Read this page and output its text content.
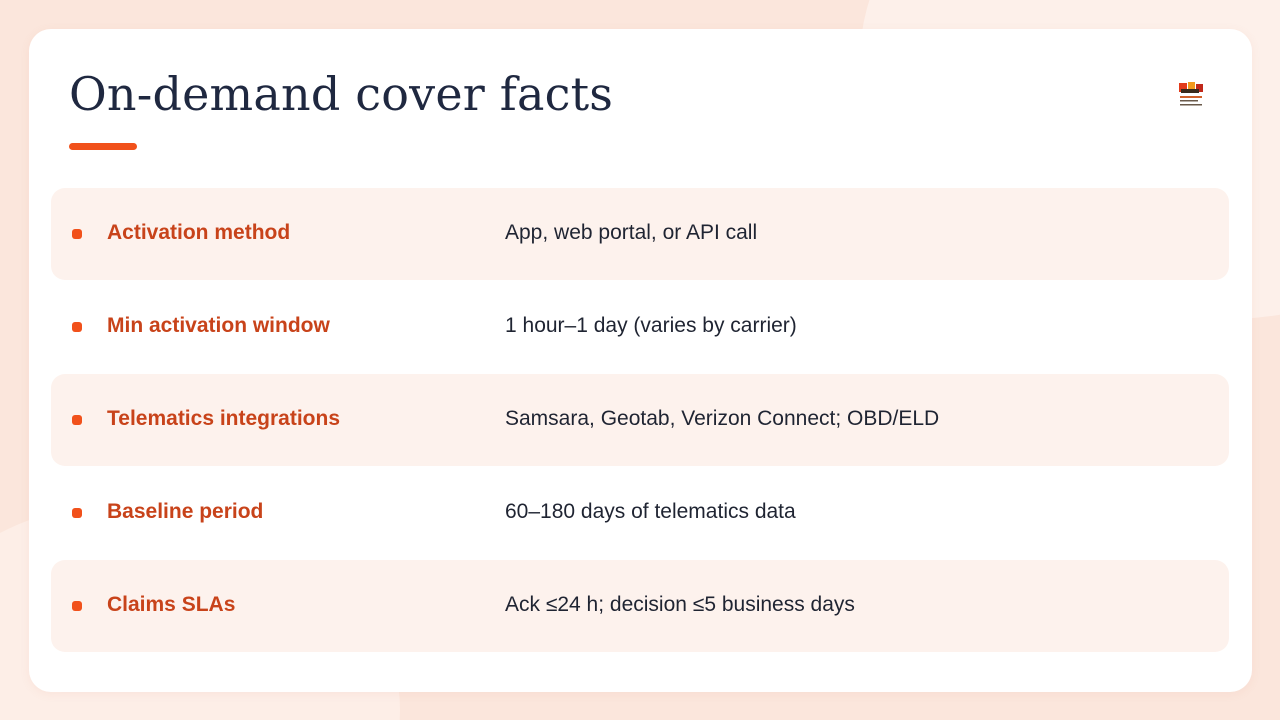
On-demand cover facts
Activation method	App, web portal, or API call
Min activation window	1 hour–1 day (varies by carrier)
Telematics integrations	Samsara, Geotab, Verizon Connect; OBD/ELD
Baseline period	60–180 days of telematics data
Claims SLAs	Ack ≤24 h; decision ≤5 business days
